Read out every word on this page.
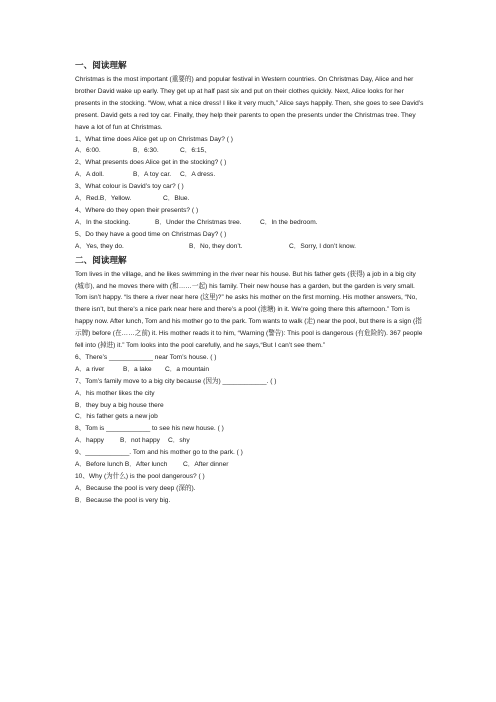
一、阅读理解

Christmas is the most important (重要的) and popular festival in Western countries. On Christmas Day, Alice and her brother David wake up early. They get up at half past six and put on their clothes quickly. Next, Alice looks for her presents in the stocking. “Wow, what a nice dress! I like it very much,” Alice says happily. Then, she goes to see David’s present. David gets a red toy car. Finally, they help their parents to open the presents under the Christmas tree. They have a lot of fun at Christmas.

1、What time does Alice get up on Christmas Day? ( )

A．6:00.	B．6:30.	C．6:15、

2、What presents does Alice get in the stocking? ( )

A．A doll.	B．A toy car.	C．A dress.

3、What colour is David’s toy car? ( )

A．Red.B．Yellow.	C．Blue.

4、Where do they open their presents? ( )

A．In the stocking.	B．Under the Christmas tree.	C．In the bedroom.

5、Do they have a good time on Christmas Day? ( )

A．Yes, they do.	B．No, they don’t.	C．Sorry, I don’t know.
二、阅读理解

Tom lives in the village, and he likes swimming in the river near his house. But his father gets (获得) a job in a big city (城市), and he moves there with (和……一起) his family. Their new house has a garden, but the garden is very small. Tom isn’t happy. “Is there a river near here (这里)?” he asks his mother on the first morning. His mother answers, “No, there isn’t, but there’s a nice park near here and there’s a pool (池塘) in it. We’re going there this afternoon.” Tom is happy now. After lunch, Tom and his mother go to the park. Tom wants to walk (走) near the pool, but there is a sign (指示牌) before (在……之前) it. His mother reads it to him, “Warning (警告): This pool is dangerous (有危险的). 367 people fell into (掉进) it.” Tom looks into the pool carefully, and he says,“But I can’t see them.”

6、There’s ____________ near Tom’s house. ( )

A．a river	B．a lake	C．a mountain

7、Tom’s family move to a big city because (因为) ____________. ( )

A．his mother likes the city

B．they buy a big house there

C．his father gets a new job

8、Tom is ____________ to see his new house. ( )

A．happy	B．not happy	C．shy

9、____________. Tom and his mother go to the park. ( )

A．Before lunch B．After lunch	C．After dinner

10、Why (为什么) is the pool dangerous? ( )

A．Because the pool is very deep (深的).

B．Because the pool is very big.
